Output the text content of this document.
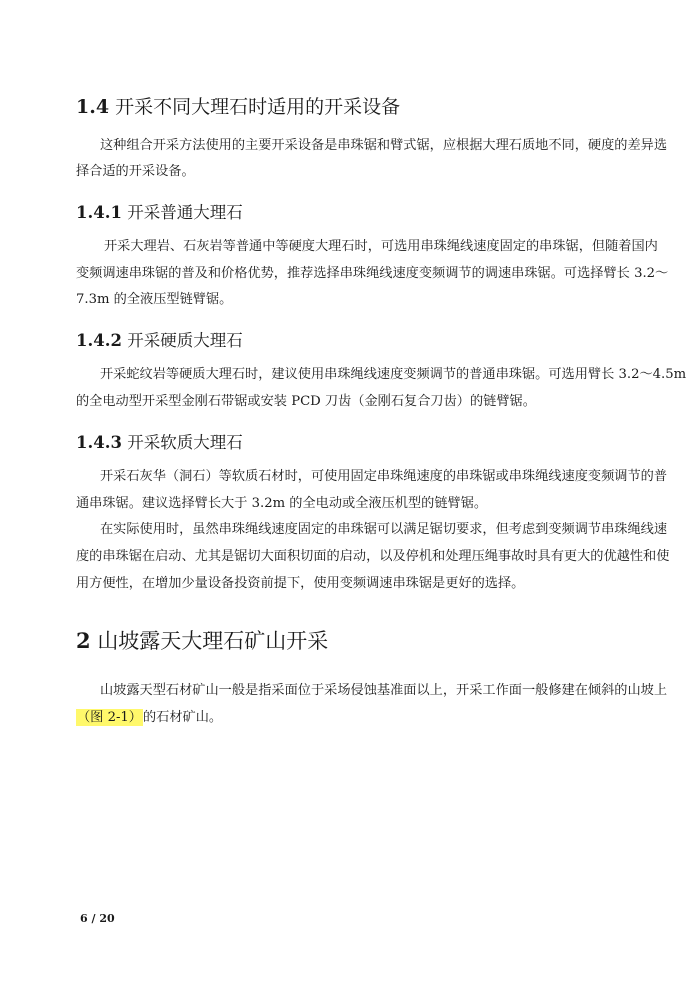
1.4 开采不同大理石时适用的开采设备

这种组合开采方法使用的主要开采设备是串珠锯和臂式锯，应根据大理石质地不同，硬度的差异选

择合适的开采设备。

1.4.1 开采普通大理石

开采大理岩、石灰岩等普通中等硬度大理石时，可选用串珠绳线速度固定的串珠锯，但随着国内

变频调速串珠锯的普及和价格优势，推荐选择串珠绳线速度变频调节的调速串珠锯。可选择臂长 3.2～

7.3m 的全液压型链臂锯。

1.4.2 开采硬质大理石

开采蛇纹岩等硬质大理石时，建议使用串珠绳线速度变频调节的普通串珠锯。可选用臂长 3.2～4.5m

的全电动型开采型金刚石带锯或安装 PCD 刀齿（金刚石复合刀齿）的链臂锯。

1.4.3 开采软质大理石

开采石灰华（洞石）等软质石材时，可使用固定串珠绳速度的串珠锯或串珠绳线速度变频调节的普

通串珠锯。建议选择臂长大于 3.2m 的全电动或全液压机型的链臂锯。

在实际使用时，虽然串珠绳线速度固定的串珠锯可以满足锯切要求，但考虑到变频调节串珠绳线速

度的串珠锯在启动、尤其是锯切大面积切面的启动，以及停机和处理压绳事故时具有更大的优越性和使

用方便性，在增加少量设备投资前提下，使用变频调速串珠锯是更好的选择。

2 山坡露天大理石矿山开采

山坡露天型石材矿山一般是指采面位于采场侵蚀基准面以上，开采工作面一般修建在倾斜的山坡上

（图 2-1）的石材矿山。

6 / 20
